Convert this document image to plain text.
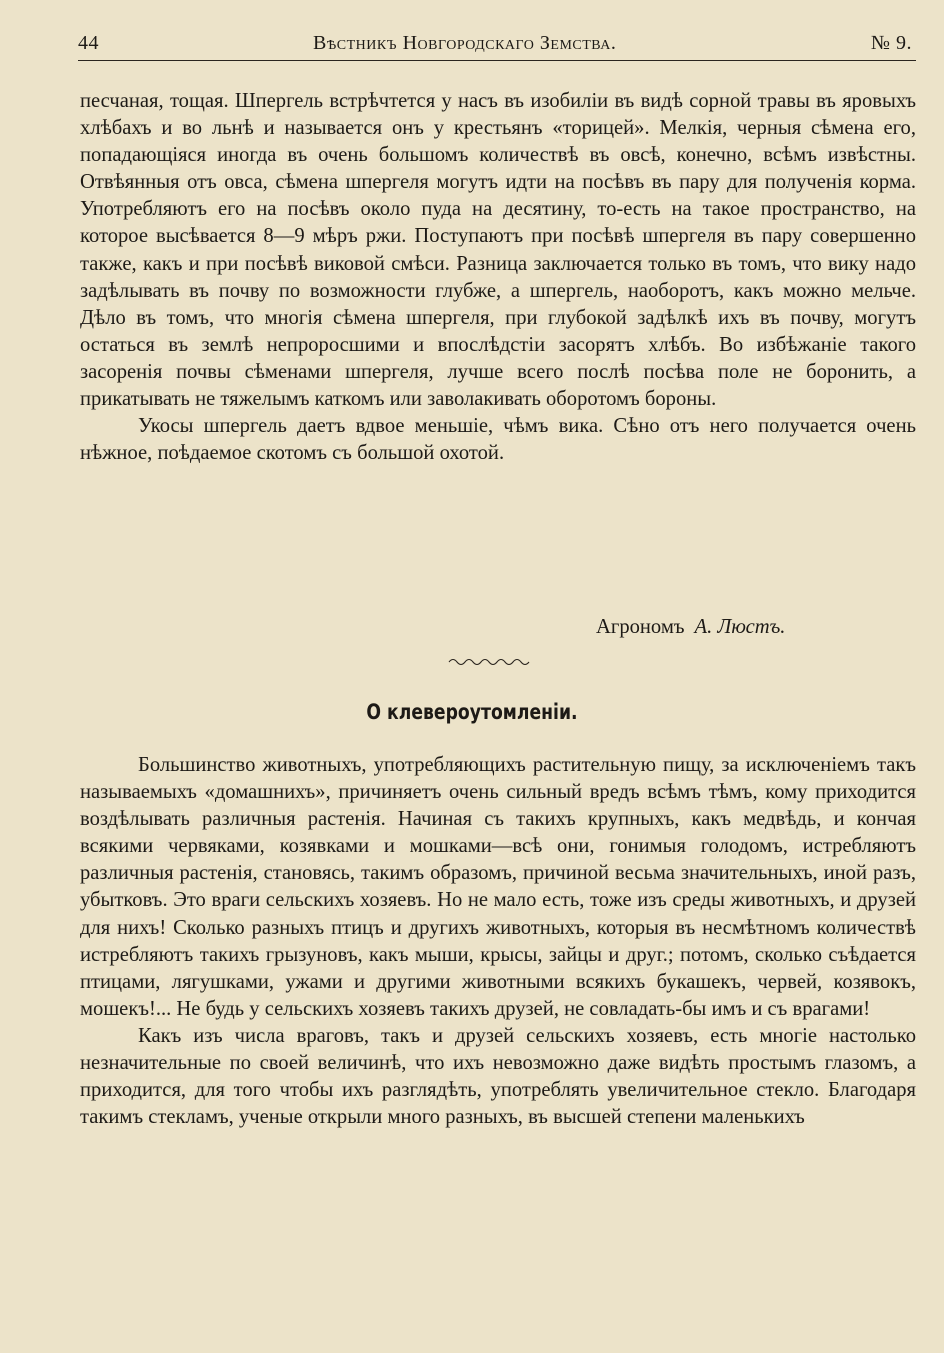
44	Вѣстникъ Новгородскаго Земства.	№ 9.

песчаная, тощая. Шпергель встрѣчтется у насъ въ изобиліи въ видѣ сорной травы въ яровыхъ хлѣбахъ и во льнѣ и называется онъ у крестьянъ «торицей». Мелкія, черныя сѣмена его, попадающіяся иногда въ очень большомъ количествѣ въ овсѣ, конечно, всѣмъ извѣстны. Отвѣянныя отъ овса, сѣмена шпергеля могутъ идти на посѣвъ въ пару для полученія корма. Употребляютъ его на посѣвъ около пуда на десятину, то-есть на такое пространство, на которое высѣвается 8—9 мѣръ ржи. Поступаютъ при посѣвѣ шпергеля въ пару совершенно также, какъ и при посѣвѣ виковой смѣси. Разница заключается только въ томъ, что вику надо задѣлывать въ почву по возможности глубже, а шпергель, наоборотъ, какъ можно мельче. Дѣло въ томъ, что многія сѣмена шпергеля, при глубокой задѣлкѣ ихъ въ почву, могутъ остаться въ землѣ непроросшими и впослѣдстіи засорятъ хлѣбъ. Во избѣжаніе такого засоренія почвы сѣменами шпергеля, лучше всего послѣ посѣва поле не боронить, а прикатывать не тяжелымъ каткомъ или заволакивать оборотомъ бороны.

Укосы шпергель даетъ вдвое меньшіе, чѣмъ вика. Сѣно отъ него получается очень нѣжное, поѣдаемое скотомъ съ большой охотой.

Агрономъ А. Люстъ.
О клевероутомленіи.

Большинство животныхъ, употребляющихъ растительную пищу, за исключеніемъ такъ называемыхъ «домашнихъ», причиняетъ очень сильный вредъ всѣмъ тѣмъ, кому приходится воздѣлывать различныя растенія. Начиная съ такихъ крупныхъ, какъ медвѣдь, и кончая всякими червяками, козявками и мошками—всѣ они, гонимыя голодомъ, истребляютъ различныя растенія, становясь, такимъ образомъ, причиной весьма значительныхъ, иной разъ, убытковъ. Это враги сельскихъ хозяевъ. Но не мало есть, тоже изъ среды животныхъ, и друзей для нихъ! Сколько разныхъ птицъ и другихъ животныхъ, которыя въ несмѣтномъ количествѣ истребляютъ такихъ грызуновъ, какъ мыши, крысы, зайцы и друг.; потомъ, сколько съѣдается птицами, лягушками, ужами и другими животными всякихъ букашекъ, червей, козявокъ, мошекъ!... Не будь у сельскихъ хозяевъ такихъ друзей, не совладать-бы имъ и съ врагами!

Какъ изъ числа враговъ, такъ и друзей сельскихъ хозяевъ, есть многіе настолько незначительные по своей величинѣ, что ихъ невозможно даже видѣть простымъ глазомъ, а приходится, для того чтобы ихъ разглядѣть, употреблять увеличительное стекло. Благодаря такимъ стекламъ, ученые открыли много разныхъ, въ высшей степени маленькихъ
